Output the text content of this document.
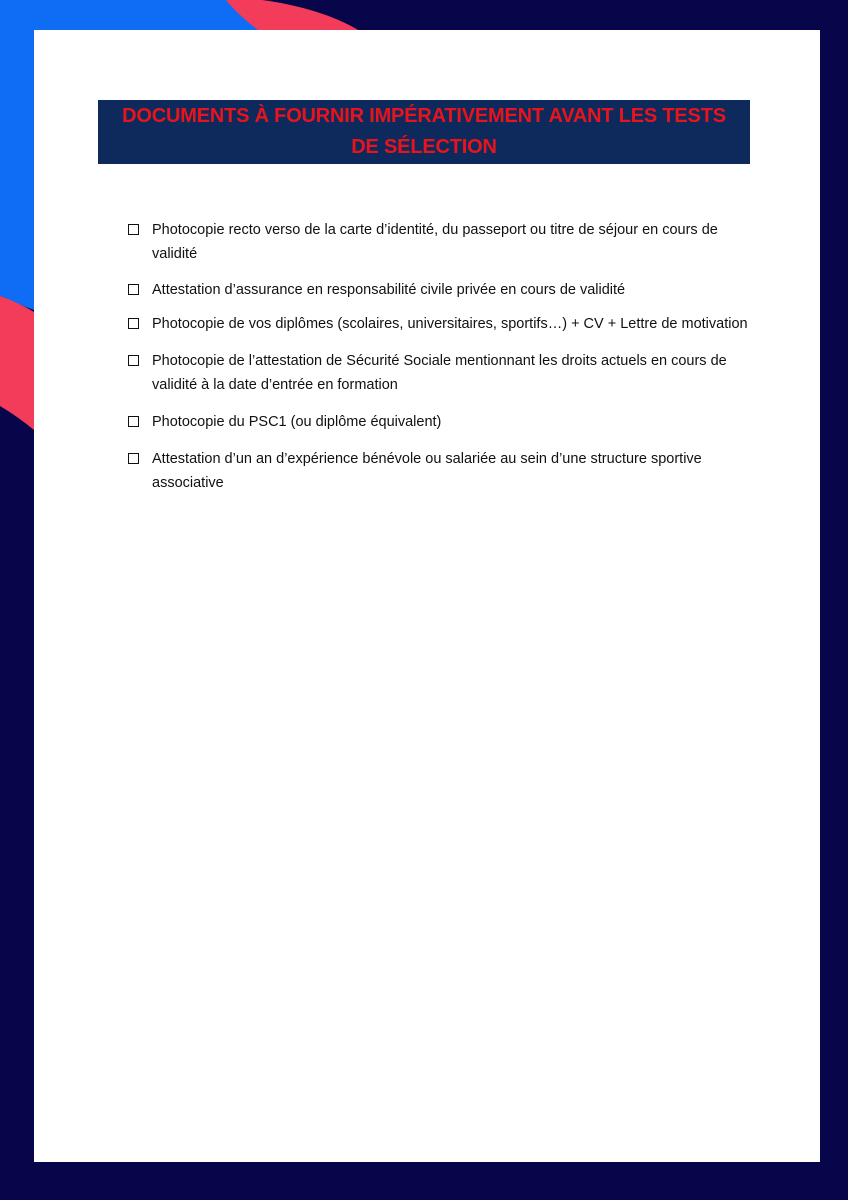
DOCUMENTS À FOURNIR IMPÉRATIVEMENT AVANT LES TESTS DE SÉLECTION
Photocopie recto verso de la carte d’identité, du passeport ou titre de séjour en cours de validité
Attestation d’assurance en responsabilité civile privée en cours de validité
Photocopie de vos diplômes (scolaires, universitaires, sportifs…) + CV + Lettre de motivation
Photocopie de l’attestation de Sécurité Sociale mentionnant les droits actuels en cours de validité à la date d’entrée en formation
Photocopie du PSC1 (ou diplôme équivalent)
Attestation d’un an d’expérience bénévole ou salariée au sein d’une structure sportive associative
